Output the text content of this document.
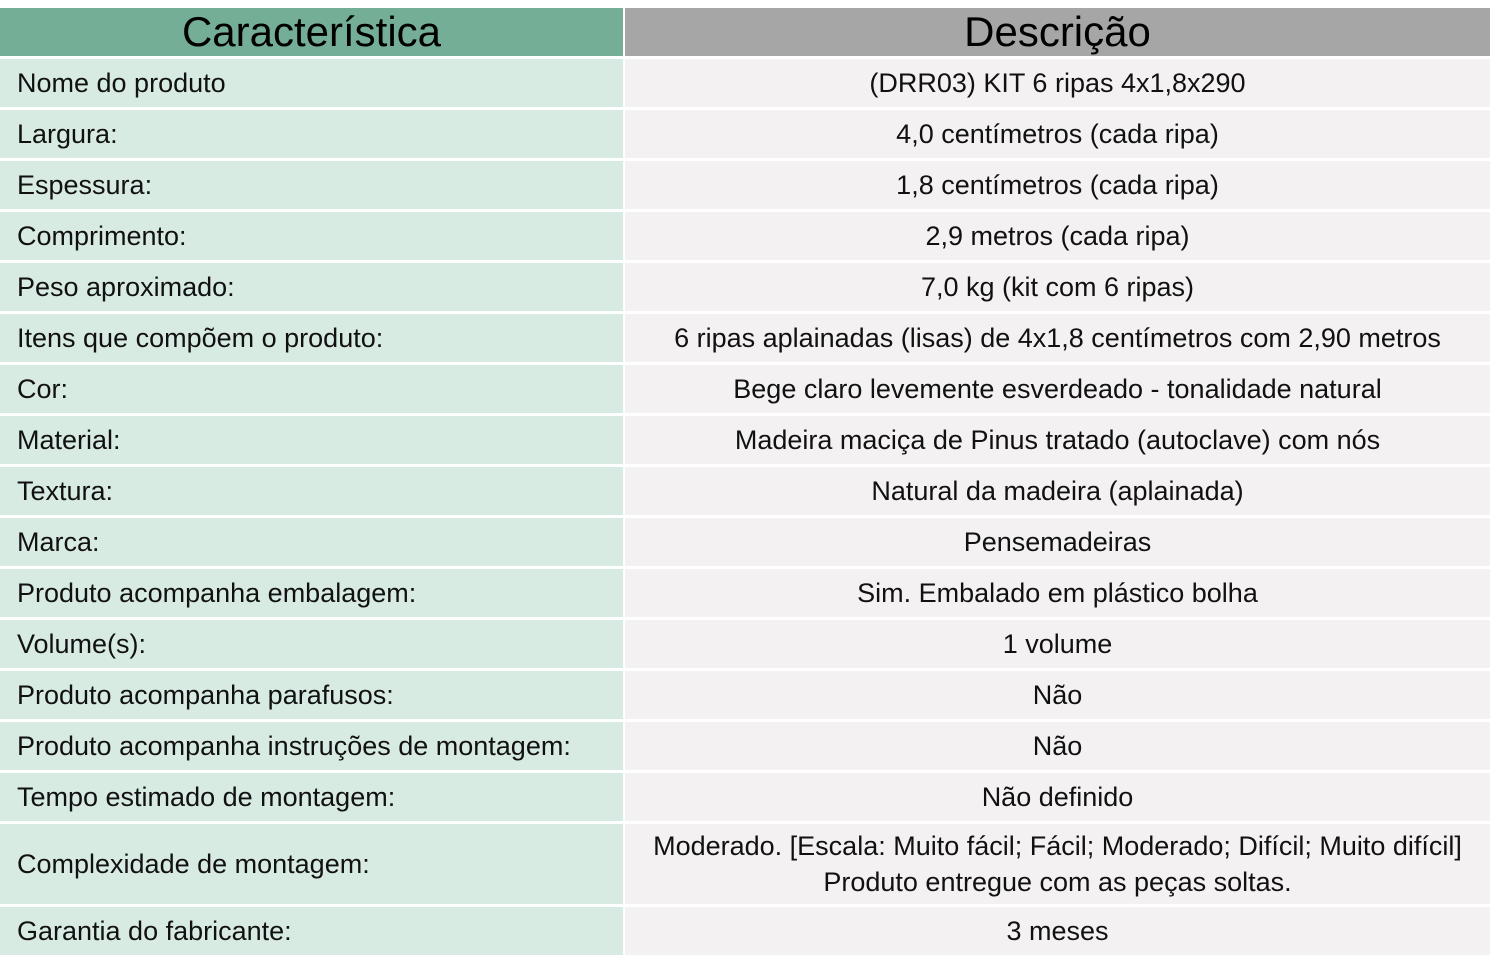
Característica	Descrição
Nome do produto	(DRR03) KIT 6 ripas 4x1,8x290
Largura:	4,0 centímetros (cada ripa)
Espessura:	1,8 centímetros (cada ripa)
Comprimento:	2,9 metros (cada ripa)
Peso aproximado:	7,0 kg (kit com 6 ripas)
Itens que compõem o produto:	6 ripas aplainadas (lisas) de 4x1,8 centímetros com 2,90 metros
Cor:	Bege claro levemente esverdeado - tonalidade natural
Material:	Madeira maciça de Pinus tratado (autoclave) com nós
Textura:	Natural da madeira (aplainada)
Marca:	Pensemadeiras
Produto acompanha embalagem:	Sim. Embalado em plástico bolha
Volume(s):	1 volume
Produto acompanha parafusos:	Não
Produto acompanha instruções de montagem:	Não
Tempo estimado de montagem:	Não definido
Complexidade de montagem:	Moderado. [Escala: Muito fácil; Fácil; Moderado; Difícil; Muito difícil]
Produto entregue com as peças soltas.

Garantia do fabricante:	3 meses
